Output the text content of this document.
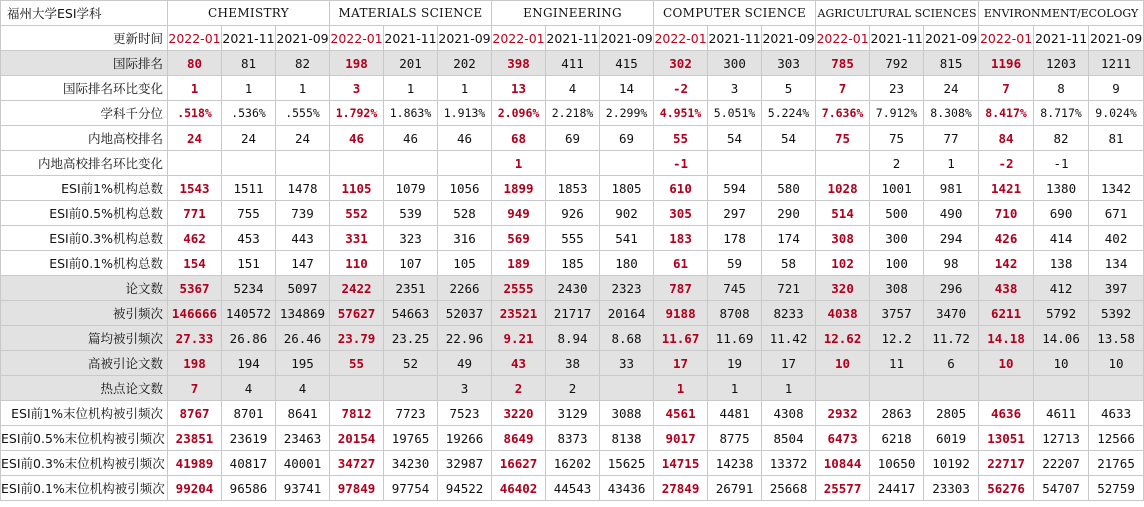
福州大学ESI学科	CHEMISTRY			MATERIALS SCIENCE			ENGINEERING			COMPUTER SCIENCE			AGRICULTURAL SCIENCES			ENVIRONMENT/ECOLOGY		
更新时间	2022-01	2021-11	2021-09	2022-01	2021-11	2021-09	2022-01	2021-11	2021-09	2022-01	2021-11	2021-09	2022-01	2021-11	2021-09	2022-01	2021-11	2021-09
国际排名	80	81	82	198	201	202	398	411	415	302	300	303	785	792	815	1196	1203	1211
国际排名环比变化	1	1	1	3	1	1	13	4	14	-2	3	5	7	23	24	7	8	9
学科千分位	.518%	.536%	.555%	1.792%	1.863%	1.913%	2.096%	2.218%	2.299%	4.951%	5.051%	5.224%	7.636%	7.912%	8.308%	8.417%	8.717%	9.024%
内地高校排名	24	24	24	46	46	46	68	69	69	55	54	54	75	75	77	84	82	81
内地高校排名环比变化							1			-1				2	1	-2	-1	
ESI前1%机构总数	1543	1511	1478	1105	1079	1056	1899	1853	1805	610	594	580	1028	1001	981	1421	1380	1342
ESI前0.5%机构总数	771	755	739	552	539	528	949	926	902	305	297	290	514	500	490	710	690	671
ESI前0.3%机构总数	462	453	443	331	323	316	569	555	541	183	178	174	308	300	294	426	414	402
ESI前0.1%机构总数	154	151	147	110	107	105	189	185	180	61	59	58	102	100	98	142	138	134
论文数	5367	5234	5097	2422	2351	2266	2555	2430	2323	787	745	721	320	308	296	438	412	397
被引频次	146666	140572	134869	57627	54663	52037	23521	21717	20164	9188	8708	8233	4038	3757	3470	6211	5792	5392
篇均被引频次	27.33	26.86	26.46	23.79	23.25	22.96	9.21	8.94	8.68	11.67	11.69	11.42	12.62	12.2	11.72	14.18	14.06	13.58
高被引论文数	198	194	195	55	52	49	43	38	33	17	19	17	10	11	6	10	10	10
热点论文数	7	4	4			3	2	2		1	1	1						
ESI前1%末位机构被引频次	8767	8701	8641	7812	7723	7523	3220	3129	3088	4561	4481	4308	2932	2863	2805	4636	4611	4633
ESI前0.5%末位机构被引频次	23851	23619	23463	20154	19765	19266	8649	8373	8138	9017	8775	8504	6473	6218	6019	13051	12713	12566
ESI前0.3%末位机构被引频次	41989	40817	40001	34727	34230	32987	16627	16202	15625	14715	14238	13372	10844	10650	10192	22717	22207	21765
ESI前0.1%末位机构被引频次	99204	96586	93741	97849	97754	94522	46402	44543	43436	27849	26791	25668	25577	24417	23303	56276	54707	52759
